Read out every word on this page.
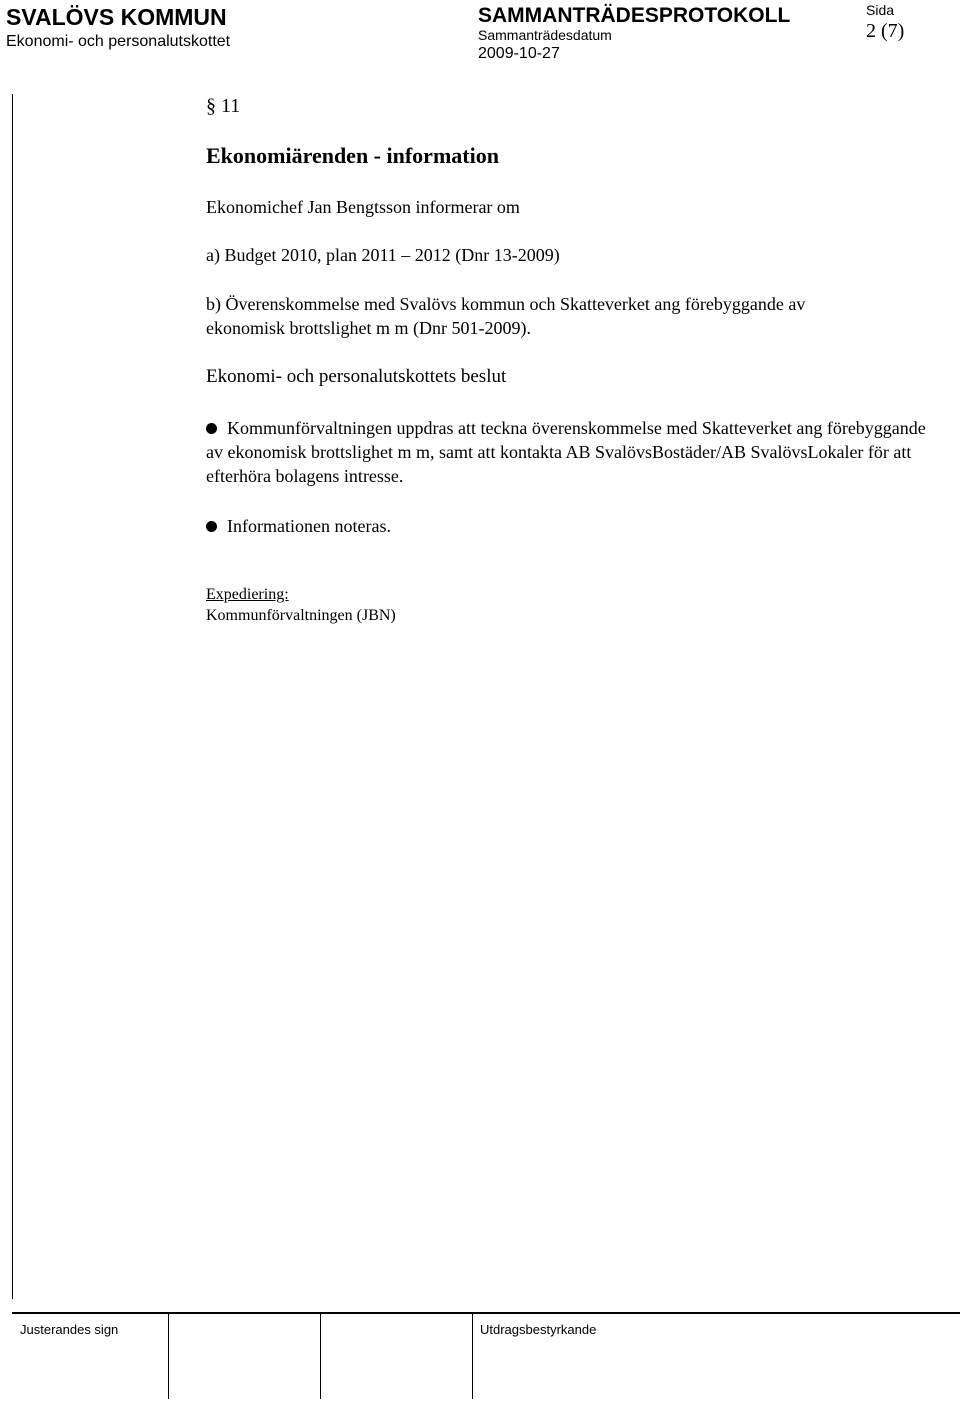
SVALÖVS KOMMUN
Ekonomi- och personalutskottet
SAMMANTRÄDESPROTOKOLL
Sammanträdesdatum
2009-10-27
Sida
2 (7)
§ 11
Ekonomiärenden - information
Ekonomichef Jan Bengtsson informerar om
a) Budget 2010, plan 2011 – 2012 (Dnr 13-2009)
b) Överenskommelse med Svalövs kommun och Skatteverket ang förebyggande av
ekonomisk brottslighet m m (Dnr 501-2009).
Ekonomi- och personalutskottets beslut
Kommunförvaltningen uppdras att teckna överenskommelse med Skatteverket ang förebyggande av ekonomisk brottslighet m m, samt att kontakta AB SvalövsBostäder/AB SvalövsLokaler för att efterhöra bolagens intresse.
Informationen noteras.
Expediering:
Kommunförvaltningen (JBN)
Justerandes sign	Utdragsbestyrkande
